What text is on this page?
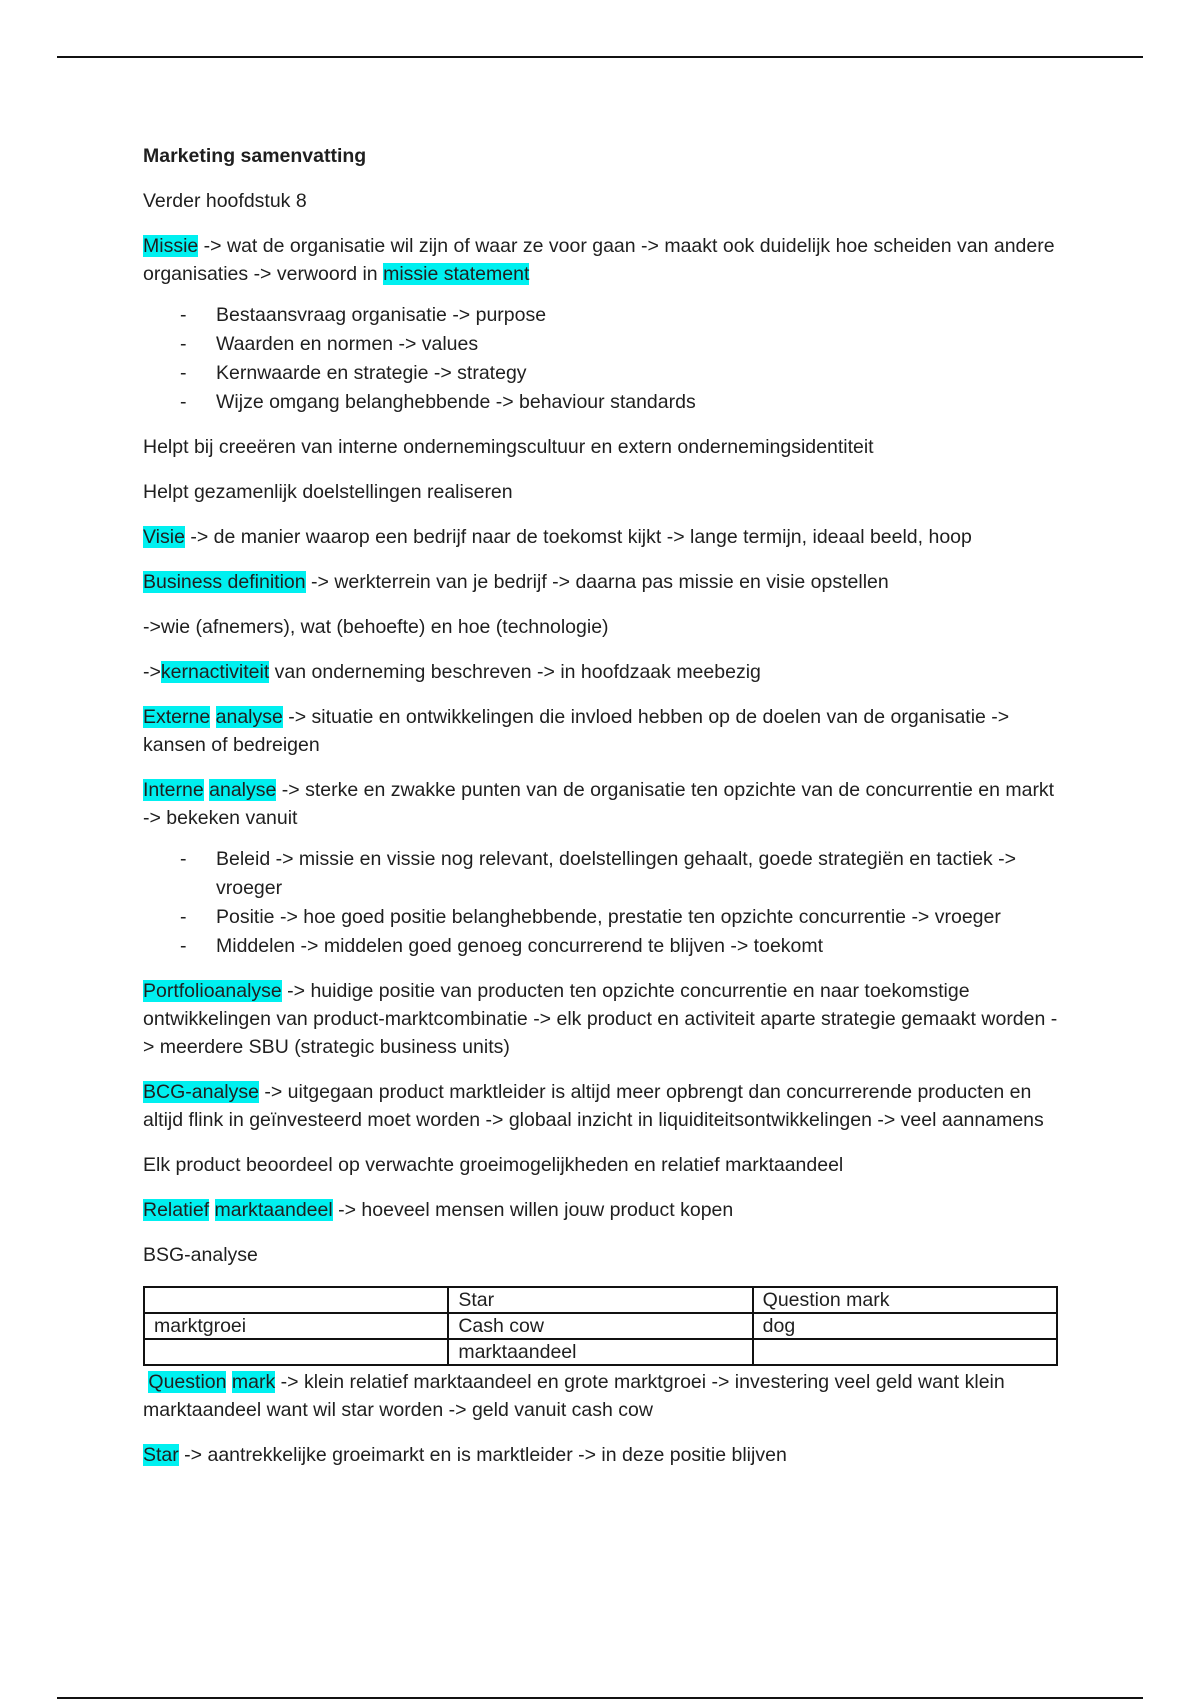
Marketing samenvatting

Verder hoofdstuk 8

Missie -> wat de organisatie wil zijn of waar ze voor gaan -> maakt ook duidelijk hoe scheiden van andere organisaties -> verwoord in missie statement

- Bestaansvraag organisatie -> purpose
- Waarden en normen -> values
- Kernwaarde en strategie -> strategy
- Wijze omgang belanghebbende -> behaviour standards

Helpt bij creeëren van interne ondernemingscultuur en extern ondernemingsidentiteit

Helpt gezamenlijk doelstellingen realiseren

Visie -> de manier waarop een bedrijf naar de toekomst kijkt -> lange termijn, ideaal beeld, hoop

Business definition -> werkterrein van je bedrijf -> daarna pas missie en visie opstellen

->wie (afnemers), wat (behoefte) en hoe (technologie)

->kernactiviteit van onderneming beschreven -> in hoofdzaak meebezig

Externe analyse -> situatie en ontwikkelingen die invloed hebben op de doelen van de organisatie -> kansen of bedreigen

Interne analyse -> sterke en zwakke punten van de organisatie ten opzichte van de concurrentie en markt -> bekeken vanuit

- Beleid -> missie en vissie nog relevant, doelstellingen gehaalt, goede strategiën en tactiek -> vroeger
- Positie -> hoe goed positie belanghebbende, prestatie ten opzichte concurrentie -> vroeger
- Middelen -> middelen goed genoeg concurrerend te blijven -> toekomt

Portfolioanalyse -> huidige positie van producten ten opzichte concurrentie en naar toekomstige ontwikkelingen van product-marktcombinatie -> elk product en activiteit aparte strategie gemaakt worden -> meerdere SBU (strategic business units)

BCG-analyse -> uitgegaan product marktleider is altijd meer opbrengt dan concurrerende producten en altijd flink in geïnvesteerd moet worden -> globaal inzicht in liquiditeitsontwikkelingen -> veel aannamens

Elk product beoordeel op verwachte groeimogelijkheden en relatief marktaandeel

Relatief marktaandeel -> hoeveel mensen willen jouw product kopen

BSG-analyse

	Star	Question mark
marktgroei	Cash cow	dog
	marktaandeel	

Question mark -> klein relatief marktaandeel en grote marktgroei -> investering veel geld want klein marktaandeel want wil star worden -> geld vanuit cash cow

Star -> aantrekkelijke groeimarkt en is marktleider -> in deze positie blijven
